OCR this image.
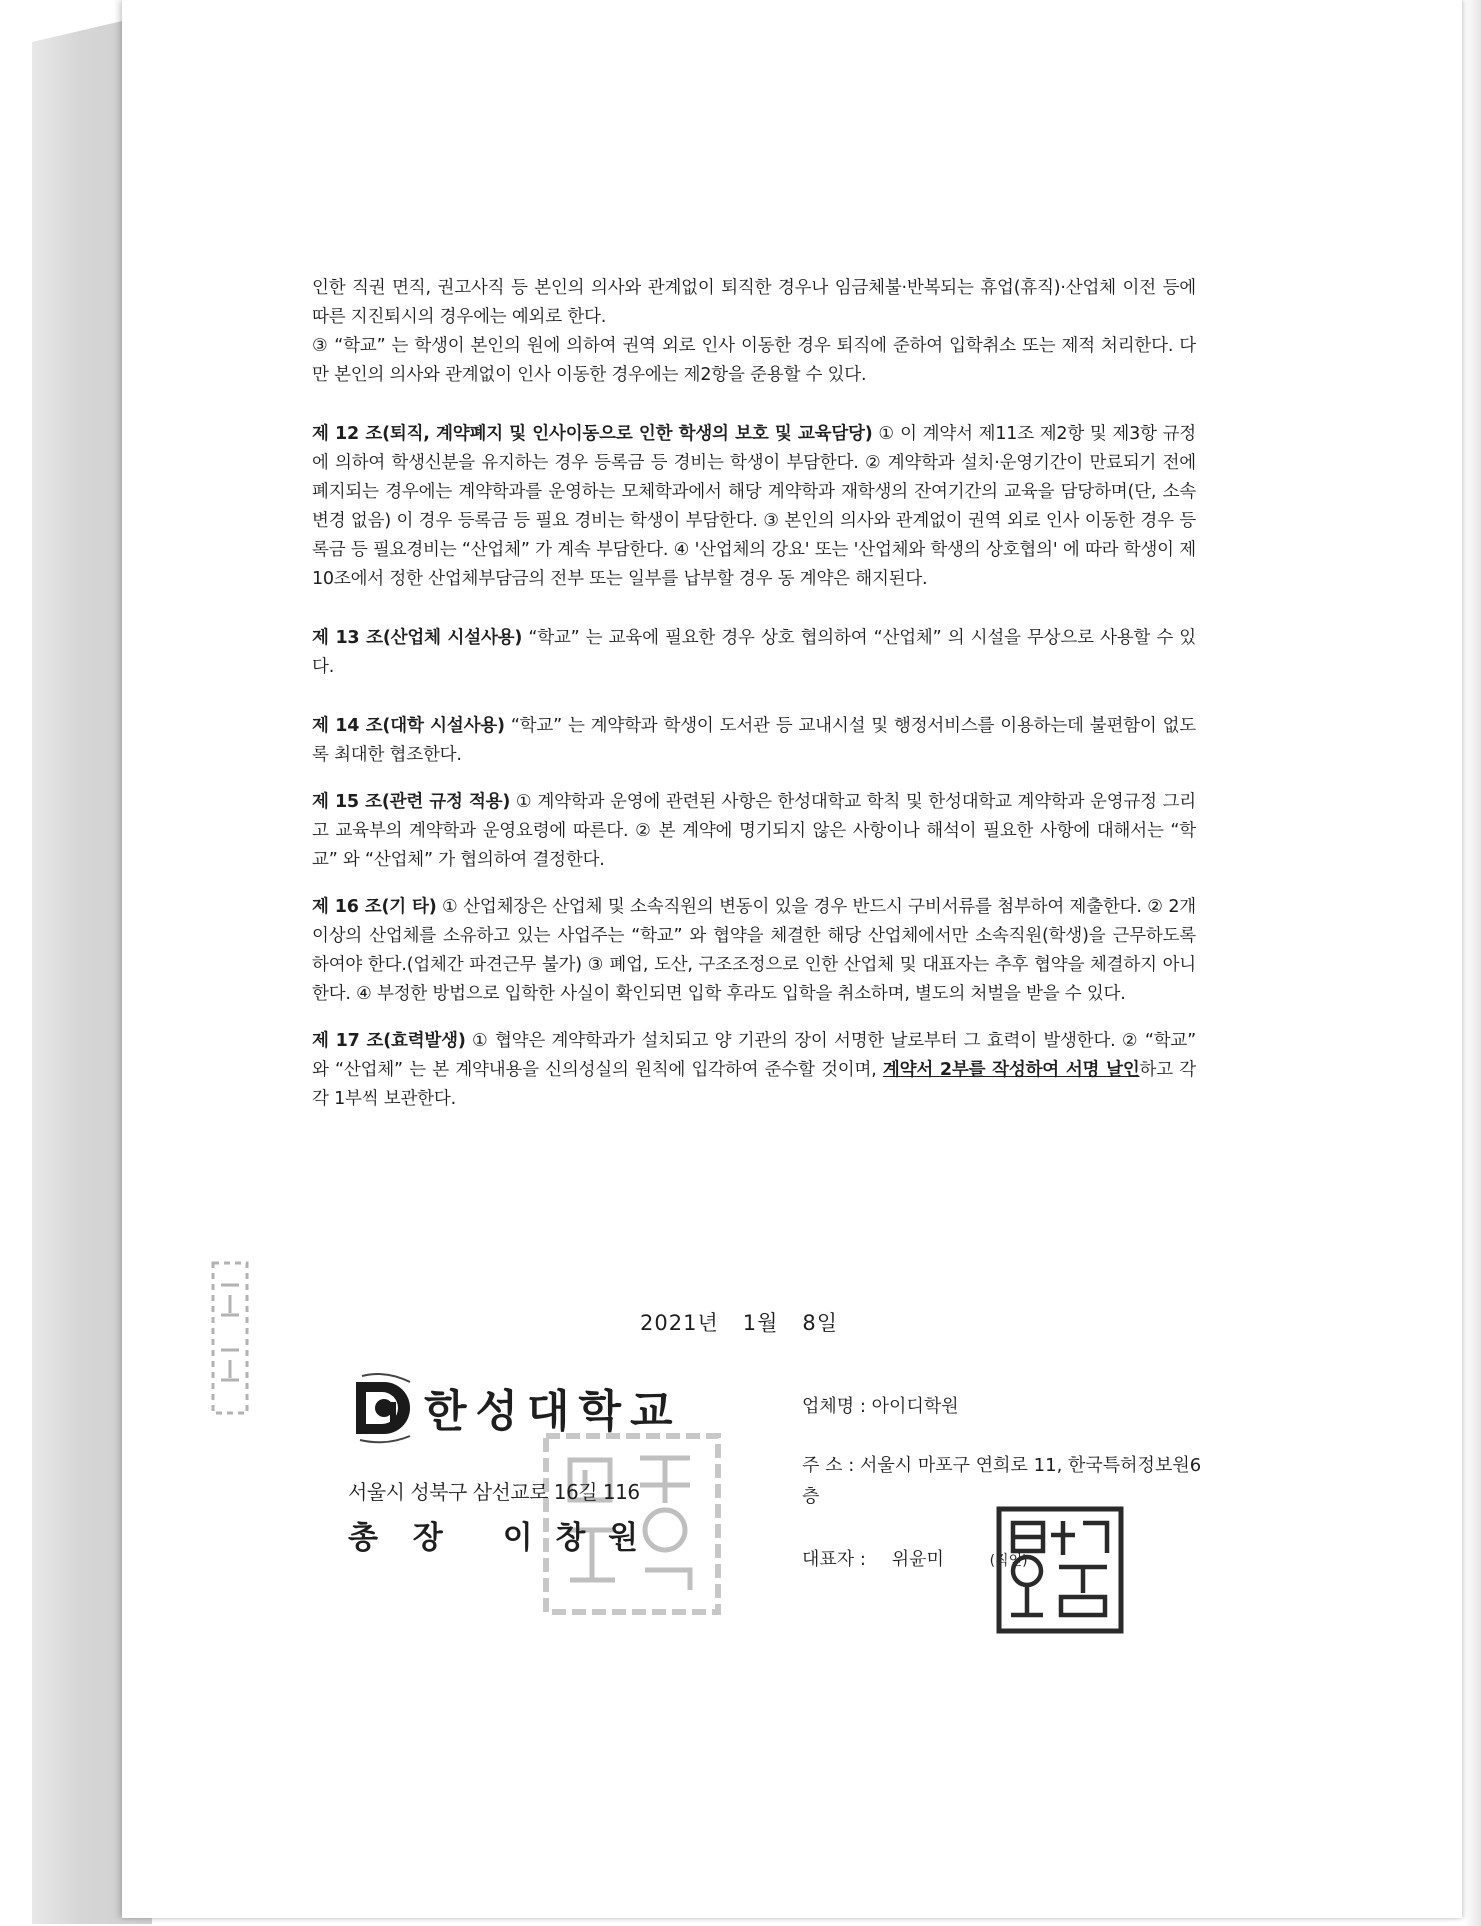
인한 직권 면직, 권고사직 등 본인의 의사와 관계없이 퇴직한 경우나 임금체불·반복되는 휴업(휴직)·산업체 이전 등에 따른 지진퇴시의 경우에는 예외로 한다.

③ “학교” 는 학생이 본인의 원에 의하여 권역 외로 인사 이동한 경우 퇴직에 준하여 입학취소 또는 제적 처리한다. 다만 본인의 의사와 관계없이 인사 이동한 경우에는 제2항을 준용할 수 있다.

제 12 조(퇴직, 계약폐지 및 인사이동으로 인한 학생의 보호 및 교육담당) ① 이 계약서 제11조 제2항 및 제3항 규정에 의하여 학생신분을 유지하는 경우 등록금 등 경비는 학생이 부담한다. ② 계약학과 설치·운영기간이 만료되기 전에 폐지되는 경우에는 계약학과를 운영하는 모체학과에서 해당 계약학과 재학생의 잔여기간의 교육을 담당하며(단, 소속변경 없음) 이 경우 등록금 등 필요 경비는 학생이 부담한다. ③ 본인의 의사와 관계없이 권역 외로 인사 이동한 경우 등록금 등 필요경비는 “산업체” 가 계속 부담한다. ④ '산업체의 강요' 또는 '산업체와 학생의 상호협의' 에 따라 학생이 제10조에서 정한 산업체부담금의 전부 또는 일부를 납부할 경우 동 계약은 해지된다.

제 13 조(산업체 시설사용) “학교” 는 교육에 필요한 경우 상호 협의하여 “산업체” 의 시설을 무상으로 사용할 수 있다.

제 14 조(대학 시설사용) “학교” 는 계약학과 학생이 도서관 등 교내시설 및 행정서비스를 이용하는데 불편함이 없도록 최대한 협조한다.

제 15 조(관련 규정 적용) ① 계약학과 운영에 관련된 사항은 한성대학교 학칙 및 한성대학교 계약학과 운영규정 그리고 교육부의 계약학과 운영요령에 따른다. ② 본 계약에 명기되지 않은 사항이나 해석이 필요한 사항에 대해서는 “학교” 와 “산업체” 가 협의하여 결정한다.

제 16 조(기 타) ① 산업체장은 산업체 및 소속직원의 변동이 있을 경우 반드시 구비서류를 첨부하여 제출한다. ② 2개 이상의 산업체를 소유하고 있는 사업주는 “학교” 와 협약을 체결한 해당 산업체에서만 소속직원(학생)을 근무하도록 하여야 한다.(업체간 파견근무 불가) ③ 폐업, 도산, 구조조정으로 인한 산업체 및 대표자는 추후 협약을 체결하지 아니한다. ④ 부정한 방법으로 입학한 사실이 확인되면 입학 후라도 입학을 취소하며, 별도의 처벌을 받을 수 있다.

제 17 조(효력발생) ① 협약은 계약학과가 설치되고 양 기관의 장이 서명한 날로부터 그 효력이 발생한다. ② “학교” 와 “산업체” 는 본 계약내용을 신의성실의 원칙에 입각하여 준수할 것이며, 계약서 2부를 작성하여 서명 날인하고 각각 1부씩 보관한다.

2021년 1월 8일
한성대학교
서울시 성북구 삼선교로 16길 116
총 장 이 창 원
업체명 : 아이디학원
주 소 : 서울시 마포구 연희로 11, 한국특허정보원6층
대표자 : 위윤미	(직인)
